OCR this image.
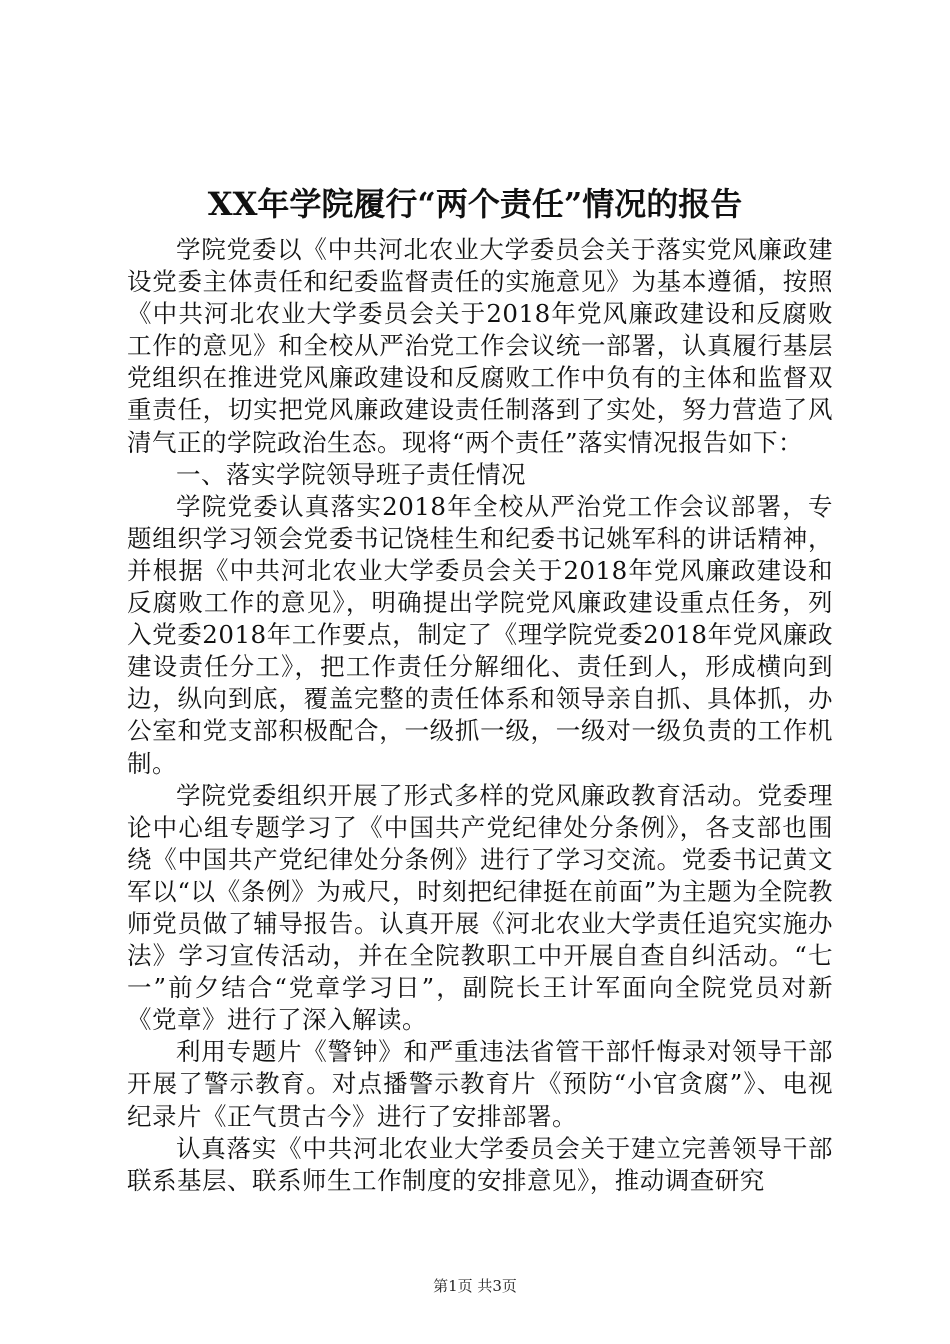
XX年学院履行“两个责任”情况的报告

学院党委以《中共河北农业大学委员会关于落实党风廉政建设党委主体责任和纪委监督责任的实施意见》为基本遵循，按照《中共河北农业大学委员会关于2018年党风廉政建设和反腐败工作的意见》和全校从严治党工作会议统一部署，认真履行基层党组织在推进党风廉政建设和反腐败工作中负有的主体和监督双重责任，切实把党风廉政建设责任制落到了实处，努力营造了风清气正的学院政治生态。现将“两个责任”落实情况报告如下：

一、落实学院领导班子责任情况

学院党委认真落实2018年全校从严治党工作会议部署，专题组织学习领会党委书记饶桂生和纪委书记姚军科的讲话精神，并根据《中共河北农业大学委员会关于2018年党风廉政建设和反腐败工作的意见》，明确提出学院党风廉政建设重点任务，列入党委2018年工作要点，制定了《理学院党委2018年党风廉政建设责任分工》，把工作责任分解细化、责任到人，形成横向到边，纵向到底，覆盖完整的责任体系和领导亲自抓、具体抓，办公室和党支部积极配合，一级抓一级，一级对一级负责的工作机制。

学院党委组织开展了形式多样的党风廉政教育活动。党委理论中心组专题学习了《中国共产党纪律处分条例》，各支部也围绕《中国共产党纪律处分条例》进行了学习交流。党委书记黄文军以“以《条例》为戒尺，时刻把纪律挺在前面”为主题为全院教师党员做了辅导报告。认真开展《河北农业大学责任追究实施办法》学习宣传活动，并在全院教职工中开展自查自纠活动。“七一”前夕结合“党章学习日”，副院长王计军面向全院党员对新《党章》进行了深入解读。

利用专题片《警钟》和严重违法省管干部忏悔录对领导干部开展了警示教育。对点播警示教育片《预防“小官贪腐”》、电视纪录片《正气贯古今》进行了安排部署。

认真落实《中共河北农业大学委员会关于建立完善领导干部联系基层、联系师生工作制度的安排意见》，推动调查研究

第1页 共3页
